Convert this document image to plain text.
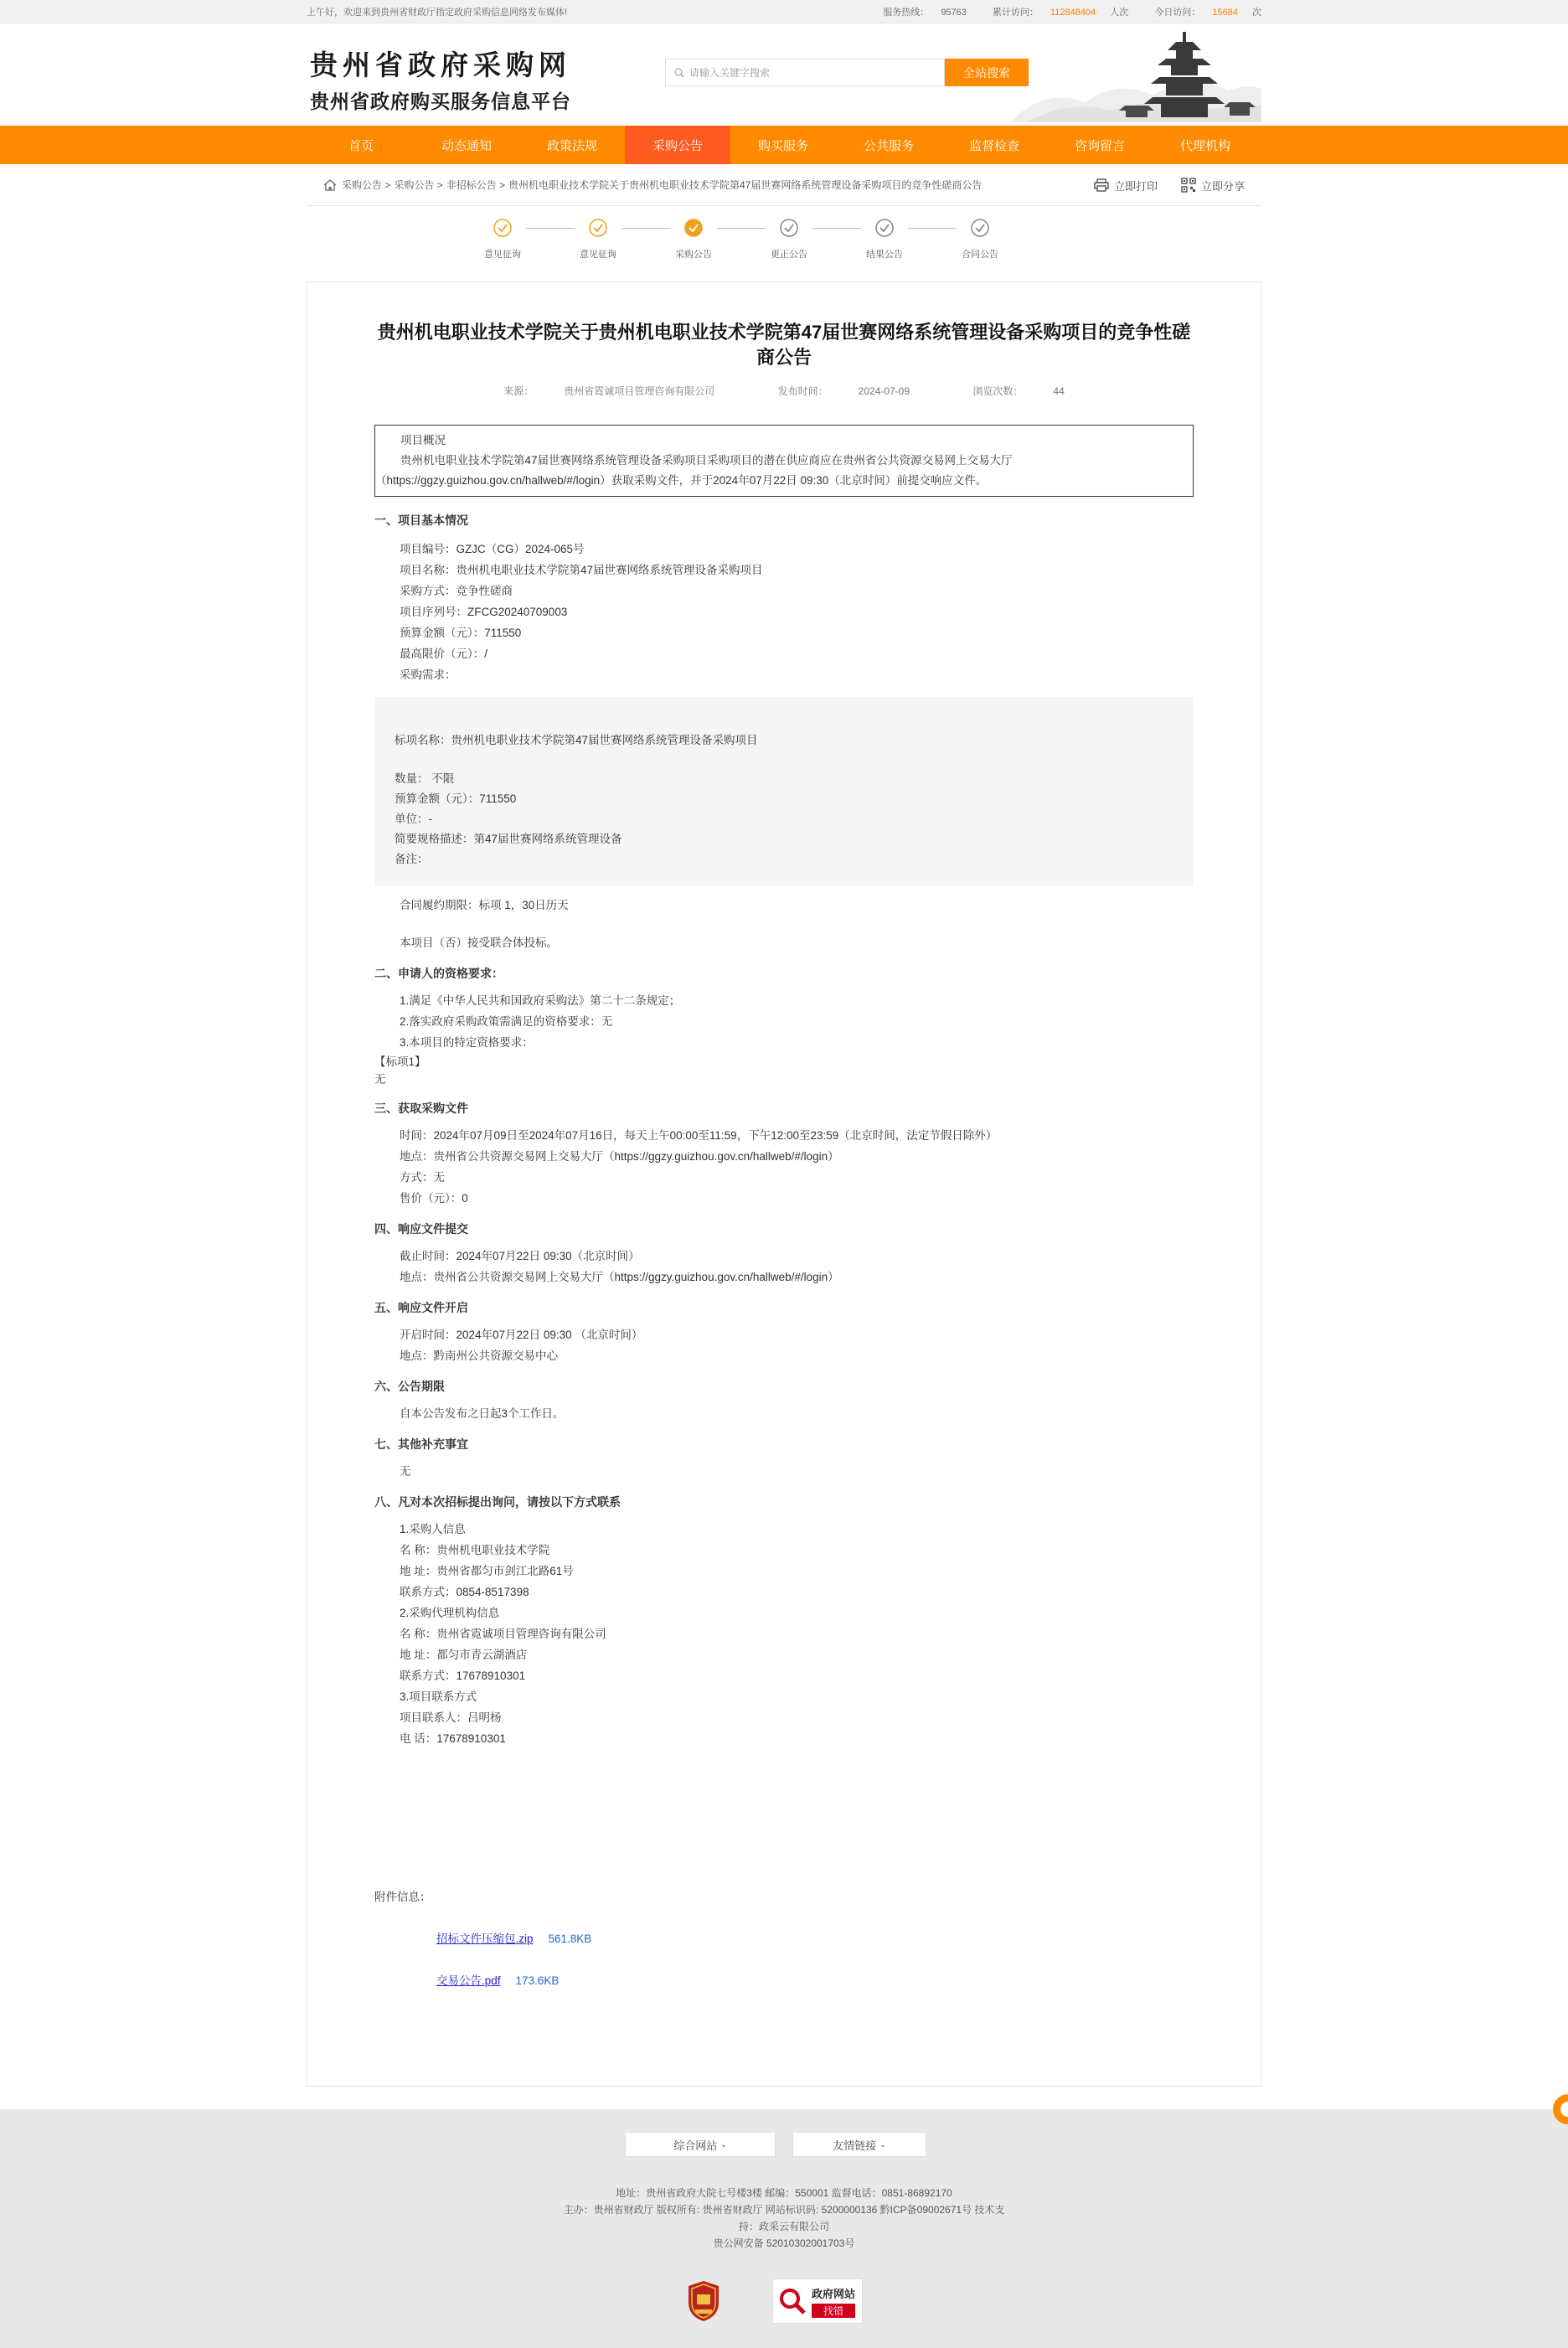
上午好，欢迎来到贵州省财政厅指定政府采购信息网络发布媒体!	服务热线： 95763	累计访问： 112848404 人次	今日访问： 15684 次
贵州省政府采购网
贵州省政府购买服务信息平台
请输入关键字搜索	全站搜索
首页	动态通知	政策法规	采购公告	购买服务	公共服务	监督检查	咨询留言	代理机构
采购公告 > 采购公告 > 非招标公告 > 贵州机电职业技术学院关于贵州机电职业技术学院第47届世赛网络系统管理设备采购项目的竞争性磋商公告	立即打印	立即分享
意见征询	意见征询	采购公告	更正公告	结果公告	合同公告
贵州机电职业技术学院关于贵州机电职业技术学院第47届世赛网络系统管理设备采购项目的竞争性磋商公告
来源：	贵州省霓诚项目管理咨询有限公司	发布时间：	2024-07-09	浏览次数：	44
项目概况
贵州机电职业技术学院第47届世赛网络系统管理设备采购项目采购项目的潜在供应商应在贵州省公共资源交易网上交易大厅（https://ggzy.guizhou.gov.cn/hallweb/#/login）获取采购文件，并于2024年07月22日 09:30（北京时间）前提交响应文件。
一、项目基本情况
项目编号：GZJC（CG）2024-065号
项目名称：贵州机电职业技术学院第47届世赛网络系统管理设备采购项目
采购方式：竞争性磋商
项目序列号：ZFCG20240709003
预算金额（元）：711550
最高限价（元）：/
采购需求：
标项名称：贵州机电职业技术学院第47届世赛网络系统管理设备采购项目
数量： 不限
预算金额（元）：711550
单位：-
简要规格描述：第47届世赛网络系统管理设备
备注：
合同履约期限：标项 1，30日历天
本项目（否）接受联合体投标。
二、申请人的资格要求：
1.满足《中华人民共和国政府采购法》第二十二条规定；
2.落实政府采购政策需满足的资格要求：无
3.本项目的特定资格要求：
【标项1】
无
三、获取采购文件
时间：2024年07月09日至2024年07月16日，每天上午00:00至11:59，下午12:00至23:59（北京时间，法定节假日除外）
地点：贵州省公共资源交易网上交易大厅（https://ggzy.guizhou.gov.cn/hallweb/#/login）
方式：无
售价（元）：0
四、响应文件提交
截止时间：2024年07月22日 09:30（北京时间）
地点：贵州省公共资源交易网上交易大厅（https://ggzy.guizhou.gov.cn/hallweb/#/login）
五、响应文件开启
开启时间：2024年07月22日 09:30 （北京时间）
地点：黔南州公共资源交易中心
六、公告期限
自本公告发布之日起3个工作日。
七、其他补充事宜
无
八、凡对本次招标提出询问，请按以下方式联系
1.采购人信息
名 称：贵州机电职业技术学院
地 址：贵州省都匀市剑江北路61号
联系方式：0854-8517398
2.采购代理机构信息
名 称：贵州省霓诚项目管理咨询有限公司
地 址：都匀市青云湖酒店
联系方式：17678910301
3.项目联系方式
项目联系人：吕明杨
电 话：17678910301
附件信息：
招标文件压缩包.zip 561.8KB
交易公告.pdf 173.6KB
综合网站 ⌄	友情链接 ⌄
地址：贵州省政府大院七号楼3楼 邮编：550001 监督电话：0851-86892170
主办：贵州省财政厅 版权所有: 贵州省财政厅 网站标识码: 5200000136 黔ICP备09002671号 技术支持：政采云有限公司
贵公网安备 52010302001703号
政府网站
找错
